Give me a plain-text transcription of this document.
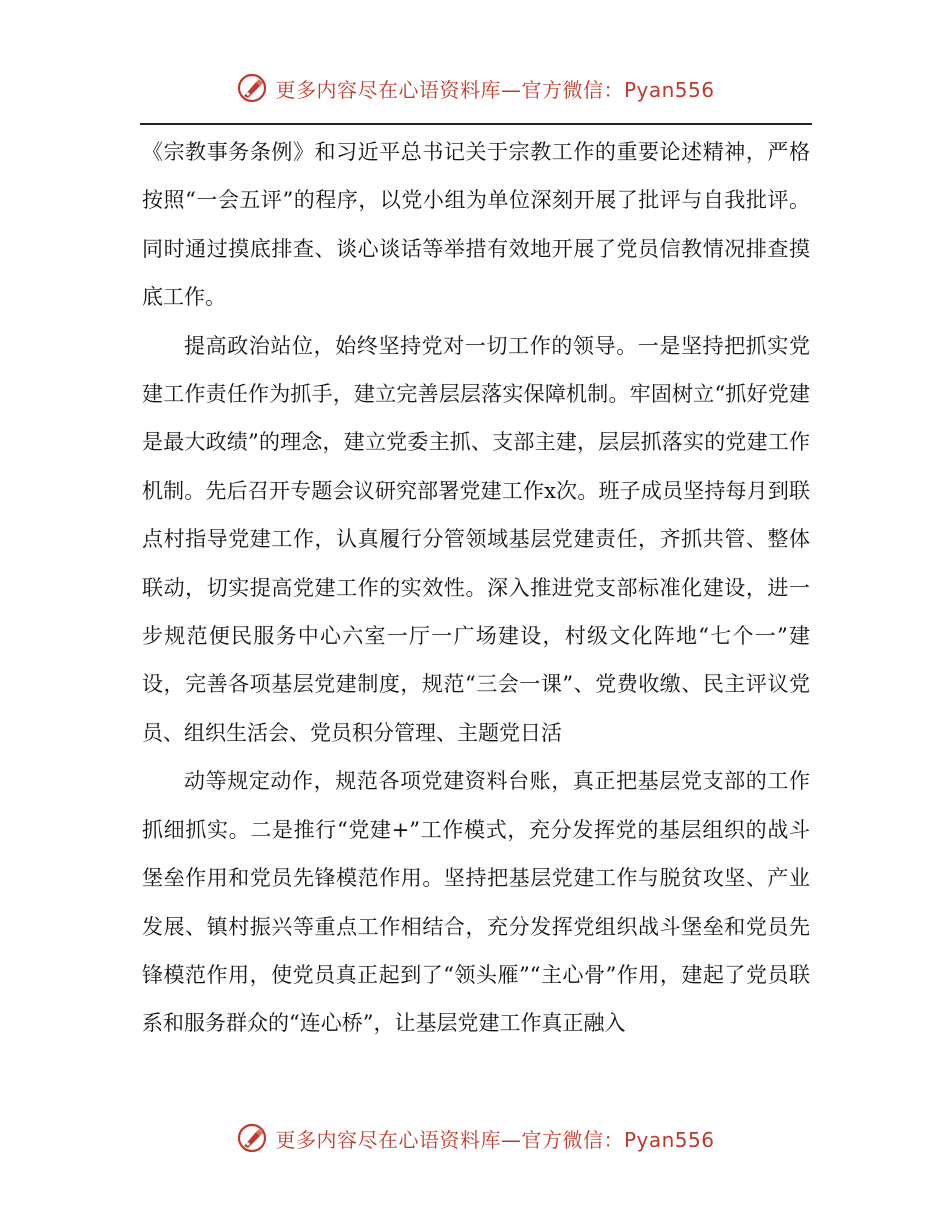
更多内容尽在心语资料库—官方微信：Pyan556

《宗教事务条例》和习近平总书记关于宗教工作的重要论述精神，严格按照“一会五评”的程序，以党小组为单位深刻开展了批评与自我批评。同时通过摸底排查、谈心谈话等举措有效地开展了党员信教情况排查摸底工作。

提高政治站位，始终坚持党对一切工作的领导。一是坚持把抓实党建工作责任作为抓手，建立完善层层落实保障机制。牢固树立“抓好党建是最大政绩”的理念，建立党委主抓、支部主建，层层抓落实的党建工作机制。先后召开专题会议研究部署党建工作x次。班子成员坚持每月到联点村指导党建工作，认真履行分管领域基层党建责任，齐抓共管、整体联动，切实提高党建工作的实效性。深入推进党支部标准化建设，进一步规范便民服务中心六室一厅一广场建设，村级文化阵地“七个一”建设，完善各项基层党建制度，规范“三会一课”、党费收缴、民主评议党员、组织生活会、党员积分管理、主题党日活

动等规定动作，规范各项党建资料台账，真正把基层党支部的工作抓细抓实。二是推行“党建+”工作模式，充分发挥党的基层组织的战斗堡垒作用和党员先锋模范作用。坚持把基层党建工作与脱贫攻坚、产业发展、镇村振兴等重点工作相结合，充分发挥党组织战斗堡垒和党员先锋模范作用，使党员真正起到了“领头雁”“主心骨”作用，建起了党员联系和服务群众的“连心桥”，让基层党建工作真正融入

更多内容尽在心语资料库—官方微信：Pyan556
